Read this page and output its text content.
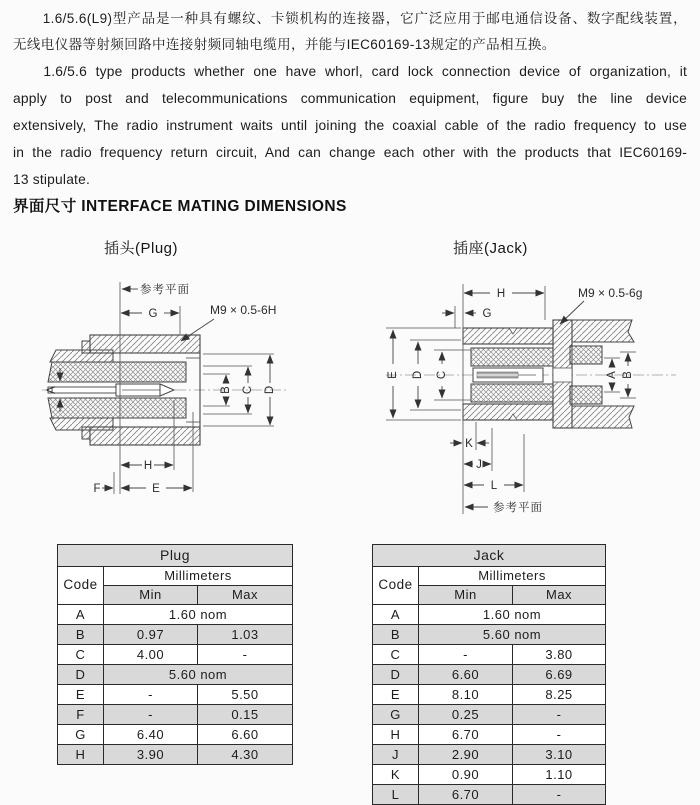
1.6/5.6(L9)型产品是一种具有螺纹、卡锁机构的连接器，它广泛应用于邮电通信设备、数字配线装置，
无线电仪器等射频回路中连接射频同轴电缆用，并能与IEC60169-13规定的产品相互换。
1.6/5.6 type products whether one have whorl, card lock connection device of organization, it
apply to post and telecommunications communication equipment, figure buy the line device
extensively, The radio instrument waits until joining the coaxial cable of the radio frequency to use
in the radio frequency return circuit, And can change each other with the products that IEC60169-
13 stipulate.
界面尺寸 INTERFACE MATING DIMENSIONS
插头(Plug)	插座(Jack)
参考平面
G	M9 × 0.5-6H
A	B C D
H
F	E
H
G
M9 × 0.5-6g
E D C	A B
K
J
L
参考平面
Plug		
Code	Millimeters	
	Min	Max
A	1.60 nom	
B	0.97	1.03
C	4.00	-
D	5.60 nom	
E	-	5.50
F	-	0.15
G	6.40	6.60
H	3.90	4.30
Jack		
Code	Millimeters	
	Min	Max
A	1.60 nom	
B	5.60 nom	
C	-	3.80
D	6.60	6.69
E	8.10	8.25
G	0.25	-
H	6.70	-
J	2.90	3.10
K	0.90	1.10
L	6.70	-
